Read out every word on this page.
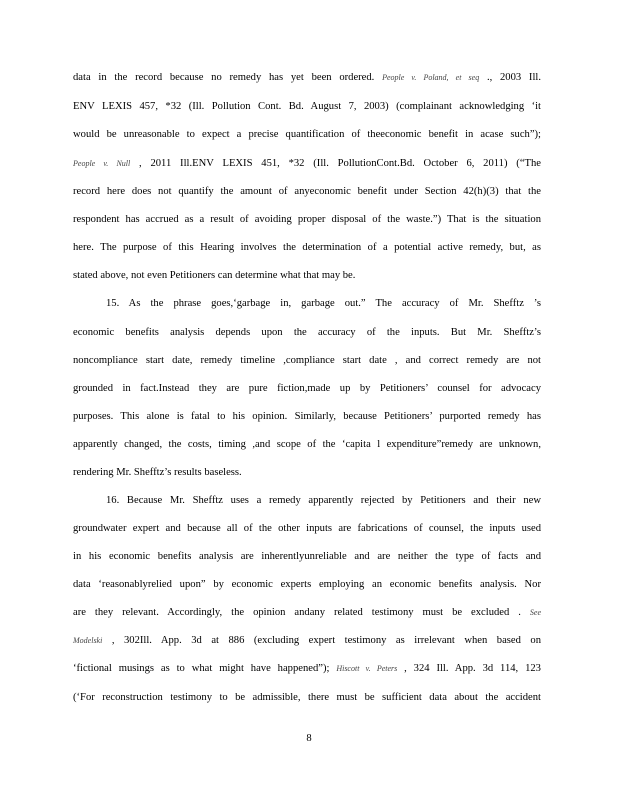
data in the record because no remedy has yet been ordered. People v. Poland, et seq ., 2003 Ill.
ENV LEXIS 457, *32 (Ill. Pollution Cont. Bd. August 7, 2003) (complainant acknowledging ‘it
would be unreasonable to expect a precise quantification of theeconomic benefit in acase such”);
People v. Null , 2011 Ill.ENV LEXIS 451, *32 (Ill. PollutionCont.Bd. October 6, 2011) (“The
record here does not quantify the amount of anyeconomic benefit under Section 42(h)(3) that the
respondent has accrued as a result of avoiding proper disposal of the waste.”) That is the situation
here. The purpose of this Hearing involves the determination of a potential active remedy, but, as
stated above, not even Petitioners can determine what that may be.
15. As the phrase goes,‘garbage in, garbage out.” The accuracy of Mr. Shefftz ’s
economic benefits analysis depends upon the accuracy of the inputs. But Mr. Shefftz’s
noncompliance start date, remedy timeline ,compliance start date , and correct remedy are not
grounded in fact.Instead they are pure fiction,made up by Petitioners’ counsel for advocacy
purposes. This alone is fatal to his opinion. Similarly, because Petitioners’ purported remedy has
apparently changed, the costs, timing ,and scope of the ‘capita l expenditure”remedy are unknown,
rendering Mr. Shefftz’s results baseless.
16. Because Mr. Shefftz uses a remedy apparently rejected by Petitioners and their new
groundwater expert and because all of the other inputs are fabrications of counsel, the inputs used
in his economic benefits analysis are inherentlyunreliable and are neither the type of facts and
data ‘reasonablyrelied upon” by economic experts employing an economic benefits analysis. Nor
are they relevant. Accordingly, the opinion andany related testimony must be excluded . See
Modelski , 302Ill. App. 3d at 886 (excluding expert testimony as irrelevant when based on
‘fictional musings as to what might have happened”); Hiscott v. Peters , 324 Ill. App. 3d 114, 123
(‘For reconstruction testimony to be admissible, there must be sufficient data about the accident
8
